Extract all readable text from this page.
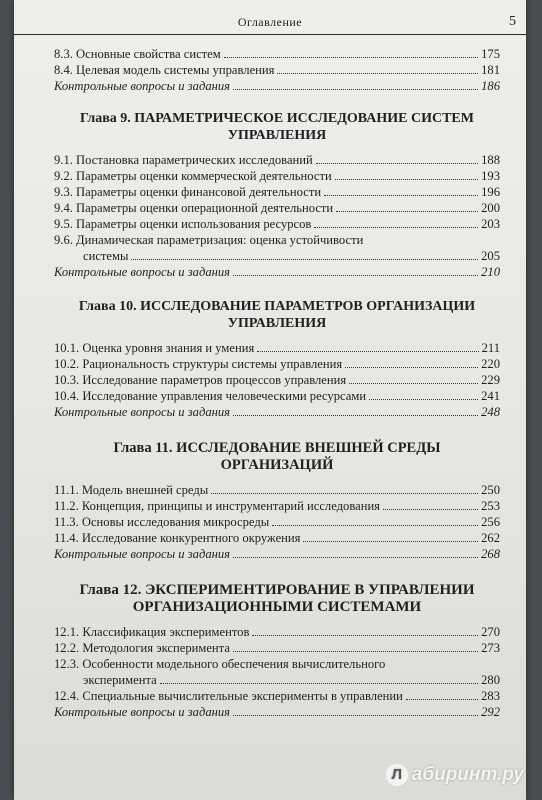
Оглавление	5
8.3. Основные свойства систем	175
8.4. Целевая модель системы управления	181
Контрольные вопросы и задания	186
Глава 9. ПАРАМЕТРИЧЕСКОЕ ИССЛЕДОВАНИЕ СИСТЕМ
УПРАВЛЕНИЯ
9.1. Постановка параметрических исследований	188
9.2. Параметры оценки коммерческой деятельности	193
9.3. Параметры оценки финансовой деятельности	196
9.4. Параметры оценки операционной деятельности	200
9.5. Параметры оценки использования ресурсов	203
9.6. Динамическая параметризация: оценка устойчивости
системы	205
Контрольные вопросы и задания	210
Глава 10. ИССЛЕДОВАНИЕ ПАРАМЕТРОВ ОРГАНИЗАЦИИ
УПРАВЛЕНИЯ
10.1. Оценка уровня знания и умения	211
10.2. Рациональность структуры системы управления	220
10.3. Исследование параметров процессов управления	229
10.4. Исследование управления человеческими ресурсами	241
Контрольные вопросы и задания	248
Глава 11. ИССЛЕДОВАНИЕ ВНЕШНЕЙ СРЕДЫ
ОРГАНИЗАЦИЙ
11.1. Модель внешней среды	250
11.2. Концепция, принципы и инструментарий исследования	253
11.3. Основы исследования микросреды	256
11.4. Исследование конкурентного окружения	262
Контрольные вопросы и задания	268
Глава 12. ЭКСПЕРИМЕНТИРОВАНИЕ В УПРАВЛЕНИИ
ОРГАНИЗАЦИОННЫМИ СИСТЕМАМИ
12.1. Классификация экспериментов	270
12.2. Методология эксперимента	273
12.3. Особенности модельного обеспечения вычислительного
эксперимента	280
12.4. Специальные вычислительные эксперименты в управлении	283
Контрольные вопросы и задания	292
Л абиринт.ру
